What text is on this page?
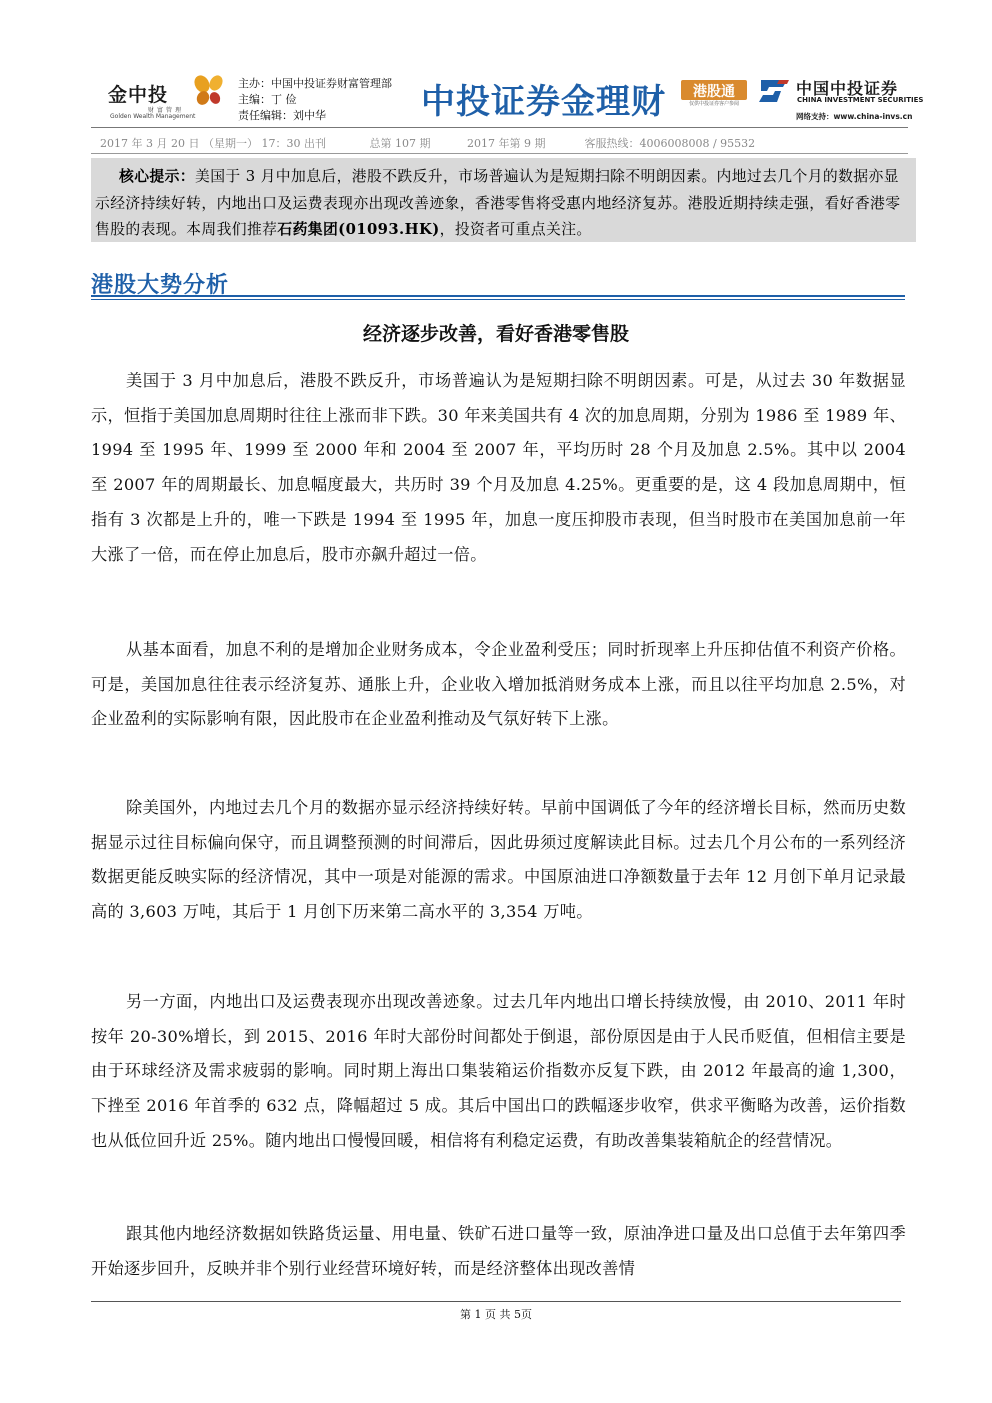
金中投
财富管理
Golden Wealth Management
主办：中国中投证券财富管理部
主编：丁 俭
责任编辑：刘中华	中投证券金理财	港股通
仅供中投证券客户参阅
中国中投证券
CHINA INVESTMENT SECURITIES
网络支持：www.china-invs.cn
2017 年 3 月 20 日 （星期一） 17：30 出刊	总第 107 期	2017 年第 9 期	客服热线：4006008008 / 95532
核心提示：美国于 3 月中加息后，港股不跌反升，市场普遍认为是短期扫除不明朗因素。内地过去几个月的数据亦显示经济持续好转，内地出口及运费表现亦出现改善迹象，香港零售将受惠内地经济复苏。港股近期持续走强，看好香港零售股的表现。本周我们推荐石药集团(01093.HK)，投资者可重点关注。
港股大势分析
经济逐步改善，看好香港零售股
美国于 3 月中加息后，港股不跌反升，市场普遍认为是短期扫除不明朗因素。可是，从过去 30 年数据显示，恒指于美国加息周期时往往上涨而非下跌。30 年来美国共有 4 次的加息周期，分别为 1986 至 1989 年、1994 至 1995 年、1999 至 2000 年和 2004 至 2007 年，平均历时 28 个月及加息 2.5%。其中以 2004 至 2007 年的周期最长、加息幅度最大，共历时 39 个月及加息 4.25%。更重要的是，这 4 段加息周期中，恒指有 3 次都是上升的，唯一下跌是 1994 至 1995 年，加息一度压抑股市表现，但当时股市在美国加息前一年大涨了一倍，而在停止加息后，股市亦飙升超过一倍。
从基本面看，加息不利的是增加企业财务成本，令企业盈利受压；同时折现率上升压抑估值不利资产价格。可是，美国加息往往表示经济复苏、通胀上升，企业收入增加抵消财务成本上涨，而且以往平均加息 2.5%，对企业盈利的实际影响有限，因此股市在企业盈利推动及气氛好转下上涨。
除美国外，内地过去几个月的数据亦显示经济持续好转。早前中国调低了今年的经济增长目标，然而历史数据显示过往目标偏向保守，而且调整预测的时间滞后，因此毋须过度解读此目标。过去几个月公布的一系列经济数据更能反映实际的经济情况，其中一项是对能源的需求。中国原油进口净额数量于去年 12 月创下单月记录最高的 3,603 万吨，其后于 1 月创下历来第二高水平的 3,354 万吨。
另一方面，内地出口及运费表现亦出现改善迹象。过去几年内地出口增长持续放慢，由 2010、2011 年时按年 20-30%增长，到 2015、2016 年时大部份时间都处于倒退，部份原因是由于人民币贬值，但相信主要是由于环球经济及需求疲弱的影响。同时期上海出口集装箱运价指数亦反复下跌，由 2012 年最高的逾 1,300，下挫至 2016 年首季的 632 点，降幅超过 5 成。其后中国出口的跌幅逐步收窄，供求平衡略为改善，运价指数也从低位回升近 25%。随内地出口慢慢回暖，相信将有利稳定运费，有助改善集装箱航企的经营情况。
跟其他内地经济数据如铁路货运量、用电量、铁矿石进口量等一致，原油净进口量及出口总值于去年第四季开始逐步回升，反映并非个别行业经营环境好转，而是经济整体出现改善情
第 1 页 共 5页
